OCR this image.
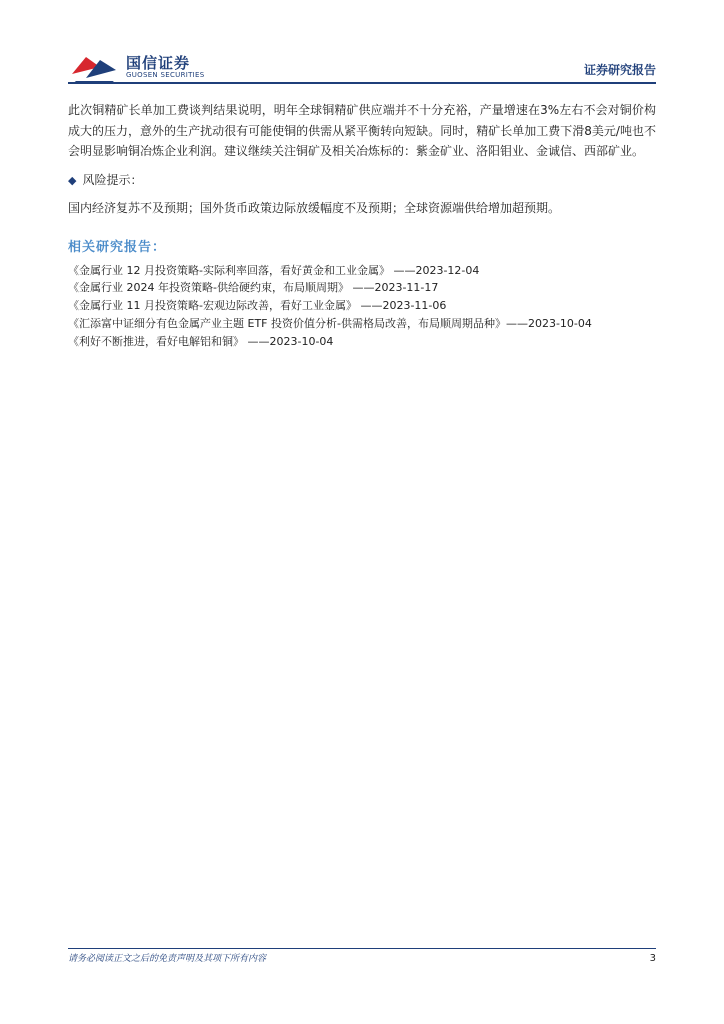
国信证券
GUOSEN SECURITIES	证券研究报告

此次铜精矿长单加工费谈判结果说明，明年全球铜精矿供应端并不十分充裕，产量增速在3%左右不会对铜价构成大的压力，意外的生产扰动很有可能使铜的供需从紧平衡转向短缺。同时，精矿长单加工费下滑8美元/吨也不会明显影响铜冶炼企业利润。建议继续关注铜矿及相关冶炼标的：紫金矿业、洛阳钼业、金诚信、西部矿业。

◆ 风险提示：
国内经济复苏不及预期；国外货币政策边际放缓幅度不及预期；全球资源端供给增加超预期。
相关研究报告：
《金属行业 12 月投资策略-实际利率回落，看好黄金和工业金属》 ——2023-12-04
《金属行业 2024 年投资策略-供给硬约束，布局顺周期》 ——2023-11-17
《金属行业 11 月投资策略-宏观边际改善，看好工业金属》 ——2023-11-06
《汇添富中证细分有色金属产业主题 ETF 投资价值分析-供需格局改善，布局顺周期品种》——2023-10-04
《利好不断推进，看好电解铝和铜》 ——2023-10-04
请务必阅读正文之后的免责声明及其项下所有内容	3
